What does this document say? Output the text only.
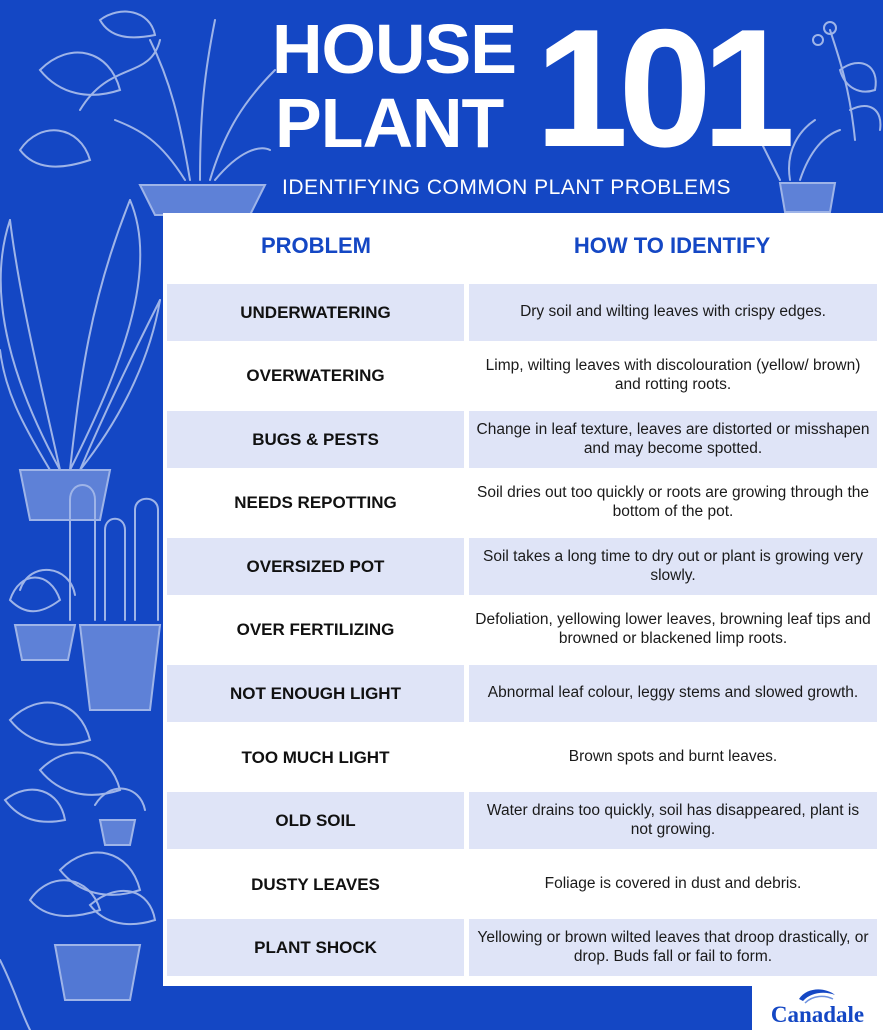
HOUSE
PLANT 101
IDENTIFYING COMMON PLANT PROBLEMS
PROBLEM	HOW TO IDENTIFY
UNDERWATERING	Dry soil and wilting leaves with crispy edges.
OVERWATERING	Limp, wilting leaves with discolouration (yellow/ brown) and rotting roots.
BUGS & PESTS	Change in leaf texture, leaves are distorted or misshapen and may become spotted.
NEEDS REPOTTING	Soil dries out too quickly or roots are growing through the bottom of the pot.
OVERSIZED POT	Soil takes a long time to dry out or plant is growing very slowly.
OVER FERTILIZING	Defoliation, yellowing lower leaves, browning leaf tips and browned or blackened limp roots.
NOT ENOUGH LIGHT	Abnormal leaf colour, leggy stems and slowed growth.
TOO MUCH LIGHT	Brown spots and burnt leaves.
OLD SOIL	Water drains too quickly, soil has disappeared, plant is not growing.
DUSTY LEAVES	Foliage is covered in dust and debris.
PLANT SHOCK	Yellowing or brown wilted leaves that droop drastically, or drop. Buds fall or fail to form.
Canadale
